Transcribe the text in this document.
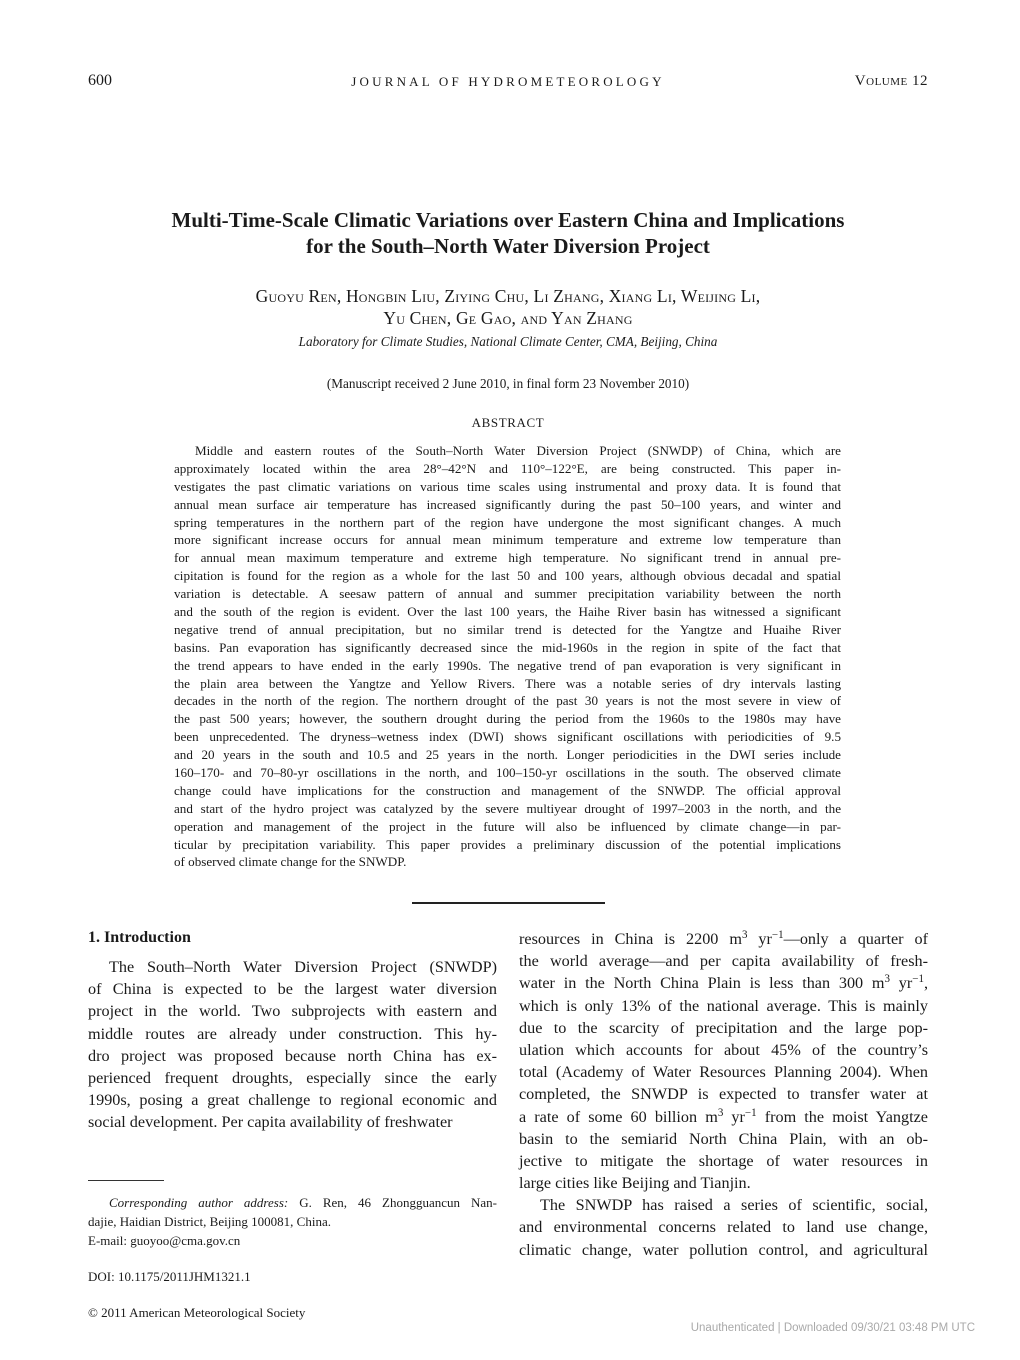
600	JOURNAL OF HYDROMETEOROLOGY	Volume 12
Multi-Time-Scale Climatic Variations over Eastern China and Implications
for the South–North Water Diversion Project
Guoyu Ren, Hongbin Liu, Ziying Chu, Li Zhang, Xiang Li, Weijing Li,
Yu Chen, Ge Gao, and Yan Zhang
Laboratory for Climate Studies, National Climate Center, CMA, Beijing, China
(Manuscript received 2 June 2010, in final form 23 November 2010)
ABSTRACT
Middle and eastern routes of the South–North Water Diversion Project (SNWDP) of China, which are
approximately located within the area 28°–42°N and 110°–122°E, are being constructed. This paper in-
vestigates the past climatic variations on various time scales using instrumental and proxy data. It is found that
annual mean surface air temperature has increased significantly during the past 50–100 years, and winter and
spring temperatures in the northern part of the region have undergone the most significant changes. A much
more significant increase occurs for annual mean minimum temperature and extreme low temperature than
for annual mean maximum temperature and extreme high temperature. No significant trend in annual pre-
cipitation is found for the region as a whole for the last 50 and 100 years, although obvious decadal and spatial
variation is detectable. A seesaw pattern of annual and summer precipitation variability between the north
and the south of the region is evident. Over the last 100 years, the Haihe River basin has witnessed a significant
negative trend of annual precipitation, but no similar trend is detected for the Yangtze and Huaihe River
basins. Pan evaporation has significantly decreased since the mid-1960s in the region in spite of the fact that
the trend appears to have ended in the early 1990s. The negative trend of pan evaporation is very significant in
the plain area between the Yangtze and Yellow Rivers. There was a notable series of dry intervals lasting
decades in the north of the region. The northern drought of the past 30 years is not the most severe in view of
the past 500 years; however, the southern drought during the period from the 1960s to the 1980s may have
been unprecedented. The dryness–wetness index (DWI) shows significant oscillations with periodicities of 9.5
and 20 years in the south and 10.5 and 25 years in the north. Longer periodicities in the DWI series include
160–170- and 70–80-yr oscillations in the north, and 100–150-yr oscillations in the south. The observed climate
change could have implications for the construction and management of the SNWDP. The official approval
and start of the hydro project was catalyzed by the severe multiyear drought of 1997–2003 in the north, and the
operation and management of the project in the future will also be influenced by climate change—in par-
ticular by precipitation variability. This paper provides a preliminary discussion of the potential implications
of observed climate change for the SNWDP.
1. Introduction
The South–North Water Diversion Project (SNWDP)
of China is expected to be the largest water diversion
project in the world. Two subprojects with eastern and
middle routes are already under construction. This hy-
dro project was proposed because north China has ex-
perienced frequent droughts, especially since the early
1990s, posing a great challenge to regional economic and
social development. Per capita availability of freshwater
resources in China is 2200 $m^3$ $yr^{-1}—only$ a quarter of
the world average—and per capita availability of fresh-
water in the North China Plain is less than 300 $m^3$ $yr^{-1}$,
which is only 13% of the national average. This is mainly
due to the scarcity of precipitation and the large pop-
ulation which accounts for about 45% of the country’s
total (Academy of Water Resources Planning 2004). When
completed, the SNWDP is expected to transfer water at
a rate of some 60 billion $m^3$ $yr^{-1}$ from the moist Yangtze
basin to the semiarid North China Plain, with an ob-
jective to mitigate the shortage of water resources in
large cities like Beijing and Tianjin.
The SNWDP has raised a series of scientific, social,
and environmental concerns related to land use change,
climatic change, water pollution control, and agricultural
Corresponding author address: G. Ren, 46 Zhongguancun Nan-
dajie, Haidian District, Beijing 100081, China.
E-mail: guoyoo@cma.gov.cn
DOI: 10.1175/2011JHM1321.1
© 2011 American Meteorological Society
Unauthenticated | Downloaded 09/30/21 03:48 PM UTC
